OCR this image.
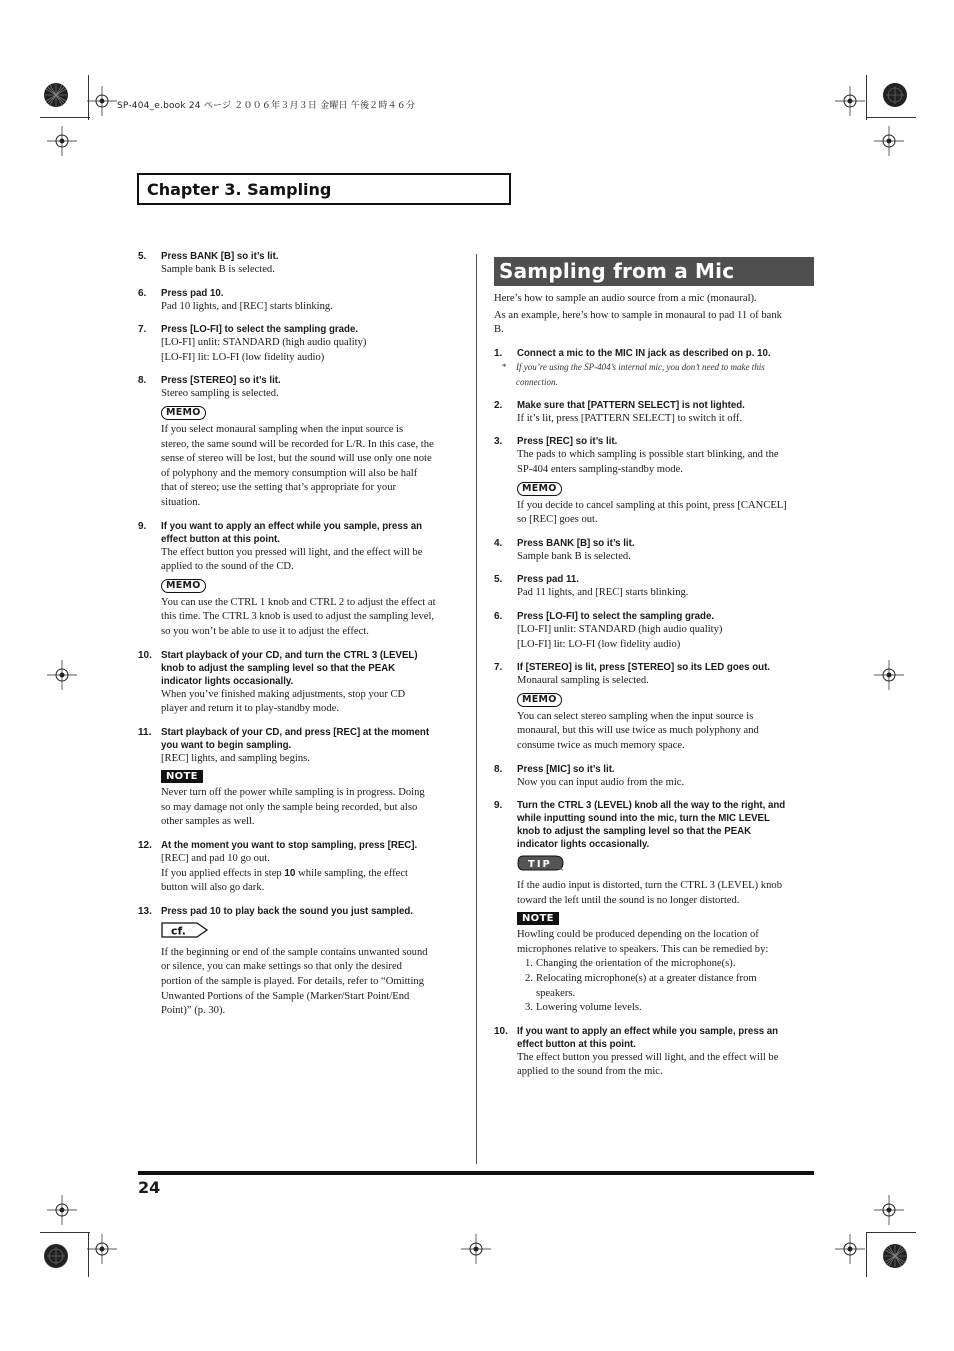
SP-404_e.book 24 ページ ２００６年３月３日 金曜日 午後２時４６分
Chapter 3. Sampling
5. Press BANK [B] so it’s lit.
Sample bank B is selected.
6. Press pad 10.
Pad 10 lights, and [REC] starts blinking.
7. Press [LO-FI] to select the sampling grade.
[LO-FI] unlit: STANDARD (high audio quality)
[LO-FI] lit: LO-FI (low fidelity audio)
8. Press [STEREO] so it’s lit.
Stereo sampling is selected.
MEMO
If you select monaural sampling when the input source is
stereo, the same sound will be recorded for L/R. In this case, the
sense of stereo will be lost, but the sound will use only one note
of polyphony and the memory consumption will also be half
that of stereo; use the setting that’s appropriate for your
situation.
9. If you want to apply an effect while you sample, press an
effect button at this point.
The effect button you pressed will light, and the effect will be
applied to the sound of the CD.
MEMO
You can use the CTRL 1 knob and CTRL 2 to adjust the effect at
this time. The CTRL 3 knob is used to adjust the sampling level,
so you won’t be able to use it to adjust the effect.
10. Start playback of your CD, and turn the CTRL 3 (LEVEL)
knob to adjust the sampling level so that the PEAK
indicator lights occasionally.
When you’ve finished making adjustments, stop your CD
player and return it to play-standby mode.
11. Start playback of your CD, and press [REC] at the moment
you want to begin sampling.
[REC] lights, and sampling begins.
NOTE
Never turn off the power while sampling is in progress. Doing
so may damage not only the sample being recorded, but also
other samples as well.
12. At the moment you want to stop sampling, press [REC].
[REC] and pad 10 go out.
If you applied effects in step 10 while sampling, the effect
button will also go dark.
13. Press pad 10 to play back the sound you just sampled.
cf.
If the beginning or end of the sample contains unwanted sound
or silence, you can make settings so that only the desired
portion of the sample is played. For details, refer to “Omitting
Unwanted Portions of the Sample (Marker/Start Point/End
Point)” (p. 30).
Sampling from a Mic
Here’s how to sample an audio source from a mic (monaural).
As an example, here’s how to sample in monaural to pad 11 of bank
B.
1. Connect a mic to the MIC IN jack as described on p. 10.
* If you’re using the SP-404’s internal mic, you don’t need to make this
connection.
2. Make sure that [PATTERN SELECT] is not lighted.
If it’s lit, press [PATTERN SELECT] to switch it off.
3. Press [REC] so it’s lit.
The pads to which sampling is possible start blinking, and the
SP-404 enters sampling-standby mode.
MEMO
If you decide to cancel sampling at this point, press [CANCEL]
so [REC] goes out.
4. Press BANK [B] so it’s lit.
Sample bank B is selected.
5. Press pad 11.
Pad 11 lights, and [REC] starts blinking.
6. Press [LO-FI] to select the sampling grade.
[LO-FI] unlit: STANDARD (high audio quality)
[LO-FI] lit: LO-FI (low fidelity audio)
7. If [STEREO] is lit, press [STEREO] so its LED goes out.
Monaural sampling is selected.
MEMO
You can select stereo sampling when the input source is
monaural, but this will use twice as much polyphony and
consume twice as much memory space.
8. Press [MIC] so it’s lit.
Now you can input audio from the mic.
9. Turn the CTRL 3 (LEVEL) knob all the way to the right, and
while inputting sound into the mic, turn the MIC LEVEL
knob to adjust the sampling level so that the PEAK
indicator lights occasionally.
TIP
If the audio input is distorted, turn the CTRL 3 (LEVEL) knob
toward the left until the sound is no longer distorted.
NOTE
Howling could be produced depending on the location of
microphones relative to speakers. This can be remedied by:
1. Changing the orientation of the microphone(s).
2. Relocating microphone(s) at a greater distance from
speakers.
3. Lowering volume levels.
10. If you want to apply an effect while you sample, press an
effect button at this point.
The effect button you pressed will light, and the effect will be
applied to the sound from the mic.
24
